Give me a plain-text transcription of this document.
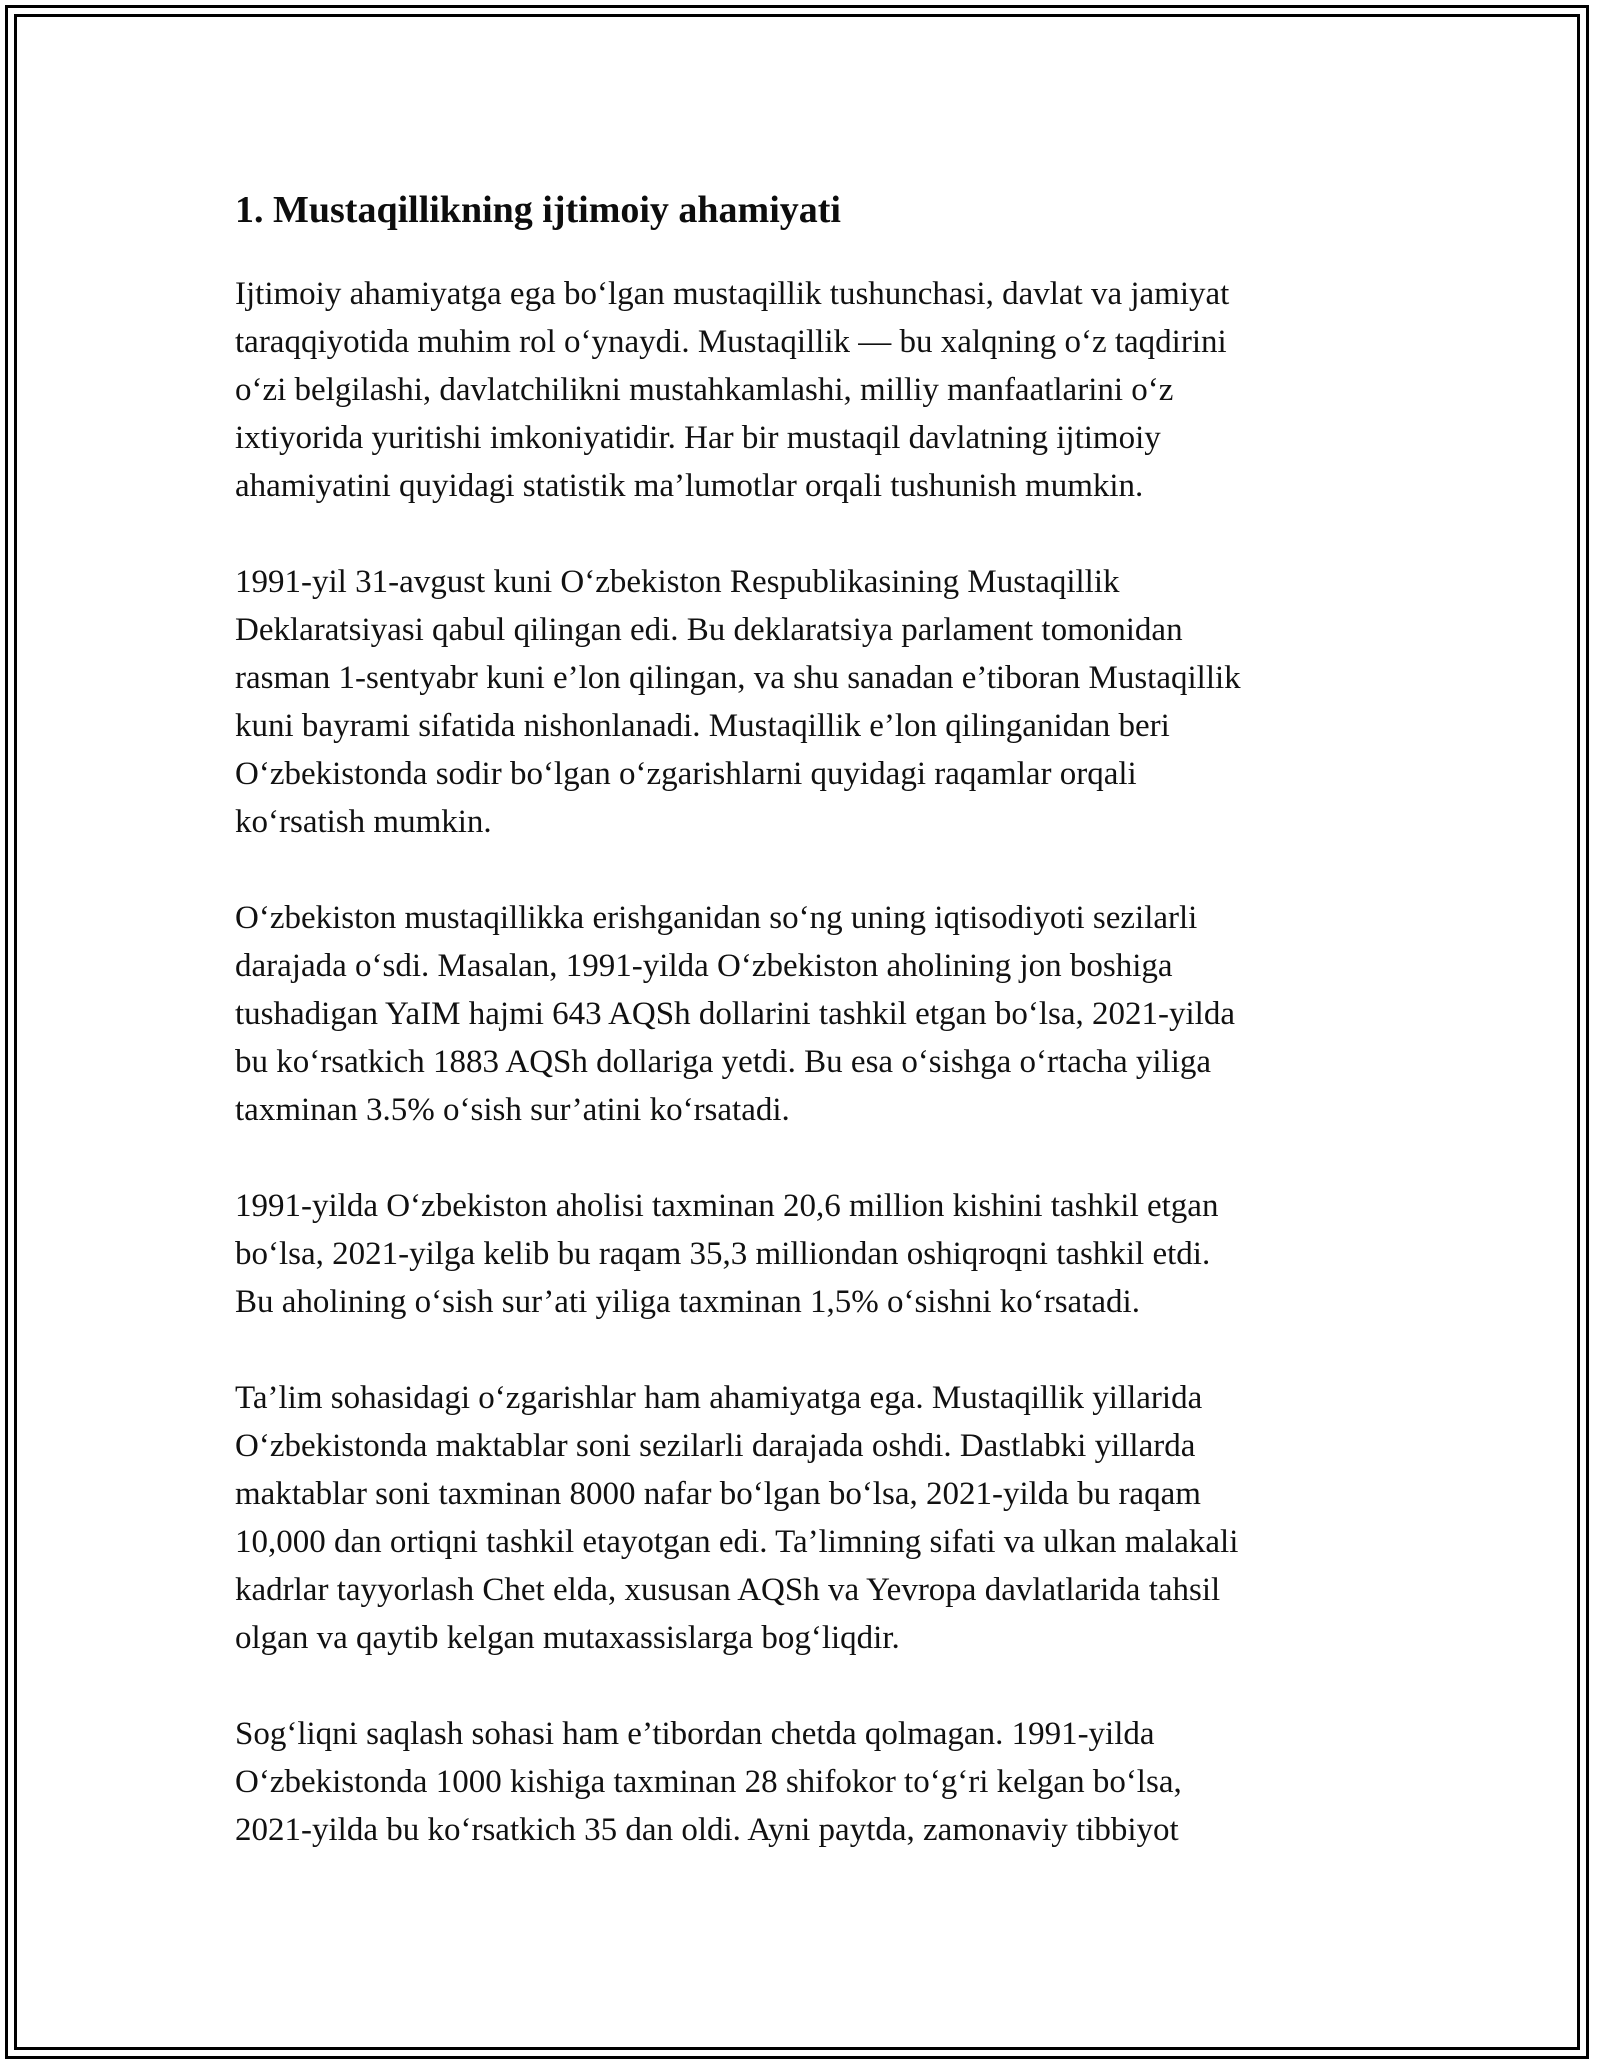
1. Mustaqillikning ijtimoiy ahamiyati
Ijtimoiy ahamiyatga ega bo‘lgan mustaqillik tushunchasi, davlat va jamiyat
taraqqiyotida muhim rol o‘ynaydi. Mustaqillik — bu xalqning o‘z taqdirini
o‘zi belgilashi, davlatchilikni mustahkamlashi, milliy manfaatlarini o‘z
ixtiyorida yuritishi imkoniyatidir. Har bir mustaqil davlatning ijtimoiy
ahamiyatini quyidagi statistik ma’lumotlar orqali tushunish mumkin.
1991-yil 31-avgust kuni O‘zbekiston Respublikasining Mustaqillik
Deklaratsiyasi qabul qilingan edi. Bu deklaratsiya parlament tomonidan
rasman 1-sentyabr kuni e’lon qilingan, va shu sanadan e’tiboran Mustaqillik
kuni bayrami sifatida nishonlanadi. Mustaqillik e’lon qilinganidan beri
O‘zbekistonda sodir bo‘lgan o‘zgarishlarni quyidagi raqamlar orqali
ko‘rsatish mumkin.
O‘zbekiston mustaqillikka erishganidan so‘ng uning iqtisodiyoti sezilarli
darajada o‘sdi. Masalan, 1991-yilda O‘zbekiston aholining jon boshiga
tushadigan YaIM hajmi 643 AQSh dollarini tashkil etgan bo‘lsa, 2021-yilda
bu ko‘rsatkich 1883 AQSh dollariga yetdi. Bu esa o‘sishga o‘rtacha yiliga
taxminan 3.5% o‘sish sur’atini ko‘rsatadi.
1991-yilda O‘zbekiston aholisi taxminan 20,6 million kishini tashkil etgan
bo‘lsa, 2021-yilga kelib bu raqam 35,3 milliondan oshiqroqni tashkil etdi.
Bu aholining o‘sish sur’ati yiliga taxminan 1,5% o‘sishni ko‘rsatadi.
Ta’lim sohasidagi o‘zgarishlar ham ahamiyatga ega. Mustaqillik yillarida
O‘zbekistonda maktablar soni sezilarli darajada oshdi. Dastlabki yillarda
maktablar soni taxminan 8000 nafar bo‘lgan bo‘lsa, 2021-yilda bu raqam
10,000 dan ortiqni tashkil etayotgan edi. Ta’limning sifati va ulkan malakali
kadrlar tayyorlash Chet elda, xususan AQSh va Yevropa davlatlarida tahsil
olgan va qaytib kelgan mutaxassislarga bog‘liqdir.
Sog‘liqni saqlash sohasi ham e’tibordan chetda qolmagan. 1991-yilda
O‘zbekistonda 1000 kishiga taxminan 28 shifokor to‘g‘ri kelgan bo‘lsa,
2021-yilda bu ko‘rsatkich 35 dan oldi. Ayni paytda, zamonaviy tibbiyot
